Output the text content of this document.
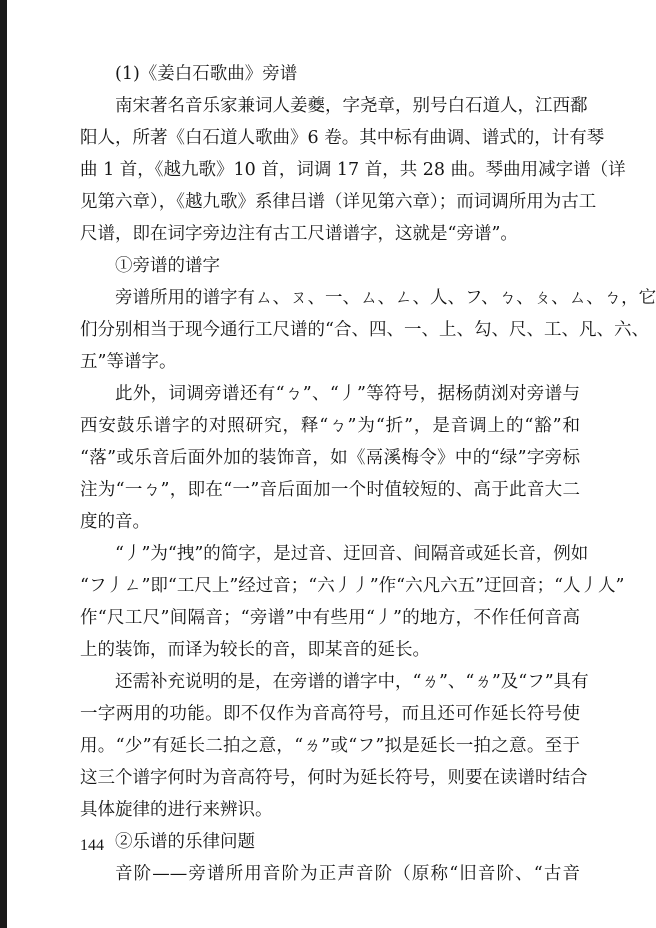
(1)《姜白石歌曲》旁谱
南宋著名音乐家兼词人姜夔，字尧章，别号白石道人，江西鄱
阳人，所著《白石道人歌曲》6 卷。其中标有曲调、谱式的，计有琴
曲 1 首，《越九歌》10 首，词调 17 首，共 28 曲。琴曲用减字谱（详
见第六章），《越九歌》系律吕谱（详见第六章）；而词调所用为古工
尺谱，即在词字旁边注有古工尺谱谱字，这就是“旁谱”。
①旁谱的谱字
旁谱所用的谱字有ㄙ、ㄡ、一、ㄙ、ㄥ、人、フ、ㄅ、ㄆ、ㄙ、ㄅ，它
们分别相当于现今通行工尺谱的“合、四、一、上、勾、尺、工、凡、六、
五”等谱字。
此外，词调旁谱还有“ㄅ”、“丿”等符号，据杨荫浏对旁谱与
西安鼓乐谱字的对照研究，释“ㄅ”为“折”，是音调上的“豁”和
“落”或乐音后面外加的装饰音，如《鬲溪梅令》中的“绿”字旁标
注为“一ㄅ”，即在“一”音后面加一个时值较短的、高于此音大二
度的音。
“丿”为“拽”的简字，是过音、迂回音、间隔音或延长音，例如
“フ丿ㄥ”即“工尺上”经过音；“六丿丿”作“六凡六五”迂回音；“人丿人”
作“尺工尺”间隔音；“旁谱”中有些用“丿”的地方，不作任何音高
上的装饰，而译为较长的音，即某音的延长。
还需补充说明的是，在旁谱的谱字中，“ㄌ”、“ㄌ”及“フ”具有
一字两用的功能。即不仅作为音高符号，而且还可作延长符号使
用。“少”有延长二拍之意，“ㄌ”或“フ”拟是延长一拍之意。至于
这三个谱字何时为音高符号，何时为延长符号，则要在读谱时结合
具体旋律的进行来辨识。
②乐谱的乐律问题
音阶——旁谱所用音阶为正声音阶（原称“旧音阶、“古音
144
